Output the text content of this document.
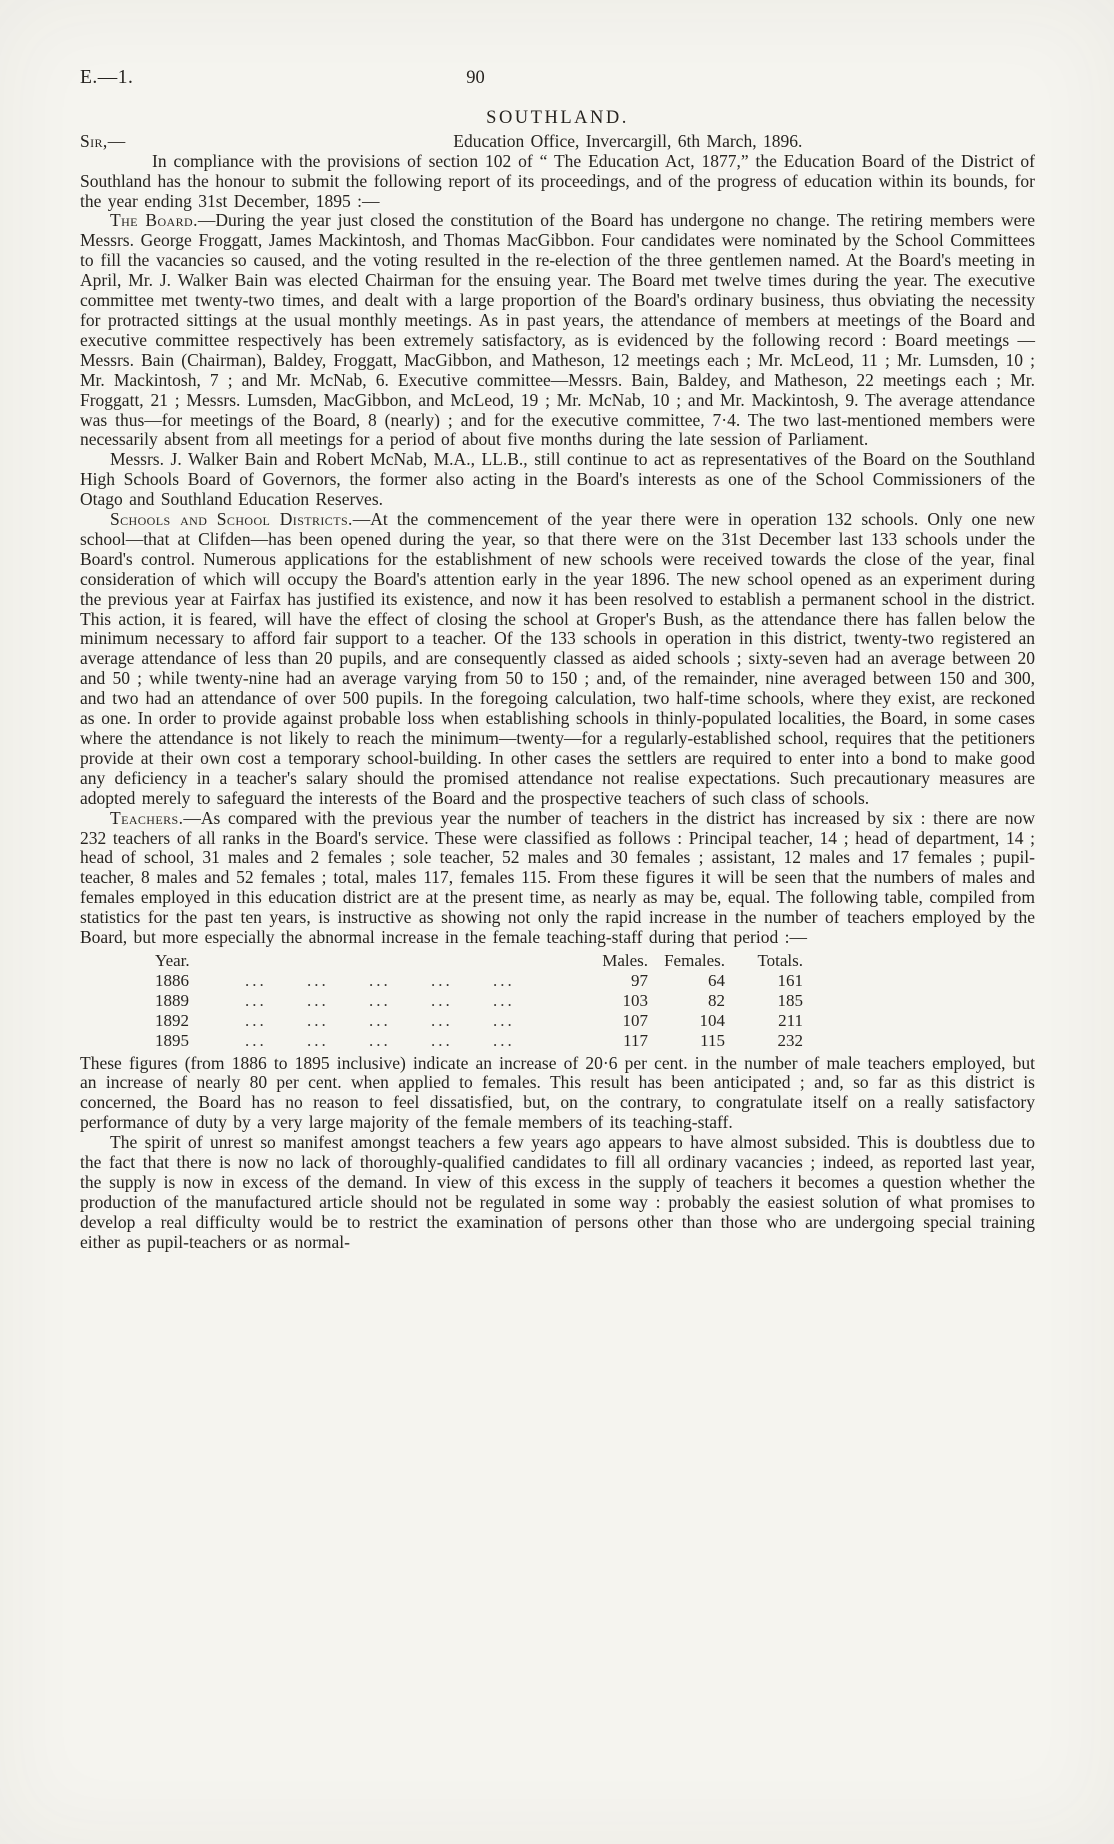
E.—1.	90
SOUTHLAND.
Sir,—	Education Office, Invercargill, 6th March, 1896.

In compliance with the provisions of section 102 of “ The Education Act, 1877,” the Education Board of the District of Southland has the honour to submit the following report of its proceedings, and of the progress of education within its bounds, for the year ending 31st December, 1895 :—

The Board.—During the year just closed the constitution of the Board has undergone no change. The retiring members were Messrs. George Froggatt, James Mackintosh, and Thomas MacGibbon. Four candidates were nominated by the School Committees to fill the vacancies so caused, and the voting resulted in the re-election of the three gentlemen named. At the Board's meeting in April, Mr. J. Walker Bain was elected Chairman for the ensuing year. The Board met twelve times during the year. The executive committee met twenty-two times, and dealt with a large proportion of the Board's ordinary business, thus obviating the necessity for protracted sittings at the usual monthly meetings. As in past years, the attendance of members at meetings of the Board and executive committee respectively has been extremely satisfactory, as is evidenced by the following record : Board meetings — Messrs. Bain (Chairman), Baldey, Froggatt, MacGibbon, and Matheson, 12 meetings each ; Mr. McLeod, 11 ; Mr. Lumsden, 10 ; Mr. Mackintosh, 7 ; and Mr. McNab, 6. Executive committee—Messrs. Bain, Baldey, and Matheson, 22 meetings each ; Mr. Froggatt, 21 ; Messrs. Lumsden, MacGibbon, and McLeod, 19 ; Mr. McNab, 10 ; and Mr. Mackintosh, 9. The average attendance was thus—for meetings of the Board, 8 (nearly) ; and for the executive committee, 7·4. The two last-mentioned members were necessarily absent from all meetings for a period of about five months during the late session of Parliament.

Messrs. J. Walker Bain and Robert McNab, M.A., LL.B., still continue to act as representatives of the Board on the Southland High Schools Board of Governors, the former also acting in the Board's interests as one of the School Commissioners of the Otago and Southland Education Reserves.

Schools and School Districts.—At the commencement of the year there were in operation 132 schools. Only one new school—that at Clifden—has been opened during the year, so that there were on the 31st December last 133 schools under the Board's control. Numerous applications for the establishment of new schools were received towards the close of the year, final consideration of which will occupy the Board's attention early in the year 1896. The new school opened as an experiment during the previous year at Fairfax has justified its existence, and now it has been resolved to establish a permanent school in the district. This action, it is feared, will have the effect of closing the school at Groper's Bush, as the attendance there has fallen below the minimum necessary to afford fair support to a teacher. Of the 133 schools in operation in this district, twenty-two registered an average attendance of less than 20 pupils, and are consequently classed as aided schools ; sixty-seven had an average between 20 and 50 ; while twenty-nine had an average varying from 50 to 150 ; and, of the remainder, nine averaged between 150 and 300, and two had an attendance of over 500 pupils. In the foregoing calculation, two half-time schools, where they exist, are reckoned as one. In order to provide against probable loss when establishing schools in thinly-populated localities, the Board, in some cases where the attendance is not likely to reach the minimum—twenty—for a regularly-established school, requires that the petitioners provide at their own cost a temporary school-building. In other cases the settlers are required to enter into a bond to make good any deficiency in a teacher's salary should the promised attendance not realise expectations. Such precautionary measures are adopted merely to safeguard the interests of the Board and the prospective teachers of such class of schools.

Teachers.—As compared with the previous year the number of teachers in the district has increased by six : there are now 232 teachers of all ranks in the Board's service. These were classified as follows : Principal teacher, 14 ; head of department, 14 ; head of school, 31 males and 2 females ; sole teacher, 52 males and 30 females ; assistant, 12 males and 17 females ; pupil-teacher, 8 males and 52 females ; total, males 117, females 115. From these figures it will be seen that the numbers of males and females employed in this education district are at the present time, as nearly as may be, equal. The following table, compiled from statistics for the past ten years, is instructive as showing not only the rapid increase in the number of teachers employed by the Board, but more especially the abnormal increase in the female teaching-staff during that period :—

Year.						Males.	Females.	Totals.
1886	...	...	...	...	...	97	64	161
1889	...	...	...	...	...	103	82	185
1892	...	...	...	...	...	107	104	211
1895	...	...	...	...	...	117	115	232

These figures (from 1886 to 1895 inclusive) indicate an increase of 20·6 per cent. in the number of male teachers employed, but an increase of nearly 80 per cent. when applied to females. This result has been anticipated ; and, so far as this district is concerned, the Board has no reason to feel dissatisfied, but, on the contrary, to congratulate itself on a really satisfactory performance of duty by a very large majority of the female members of its teaching-staff.

The spirit of unrest so manifest amongst teachers a few years ago appears to have almost subsided. This is doubtless due to the fact that there is now no lack of thoroughly-qualified candidates to fill all ordinary vacancies ; indeed, as reported last year, the supply is now in excess of the demand. In view of this excess in the supply of teachers it becomes a question whether the production of the manufactured article should not be regulated in some way : probably the easiest solution of what promises to develop a real difficulty would be to restrict the examination of persons other than those who are undergoing special training either as pupil-teachers or as normal-
